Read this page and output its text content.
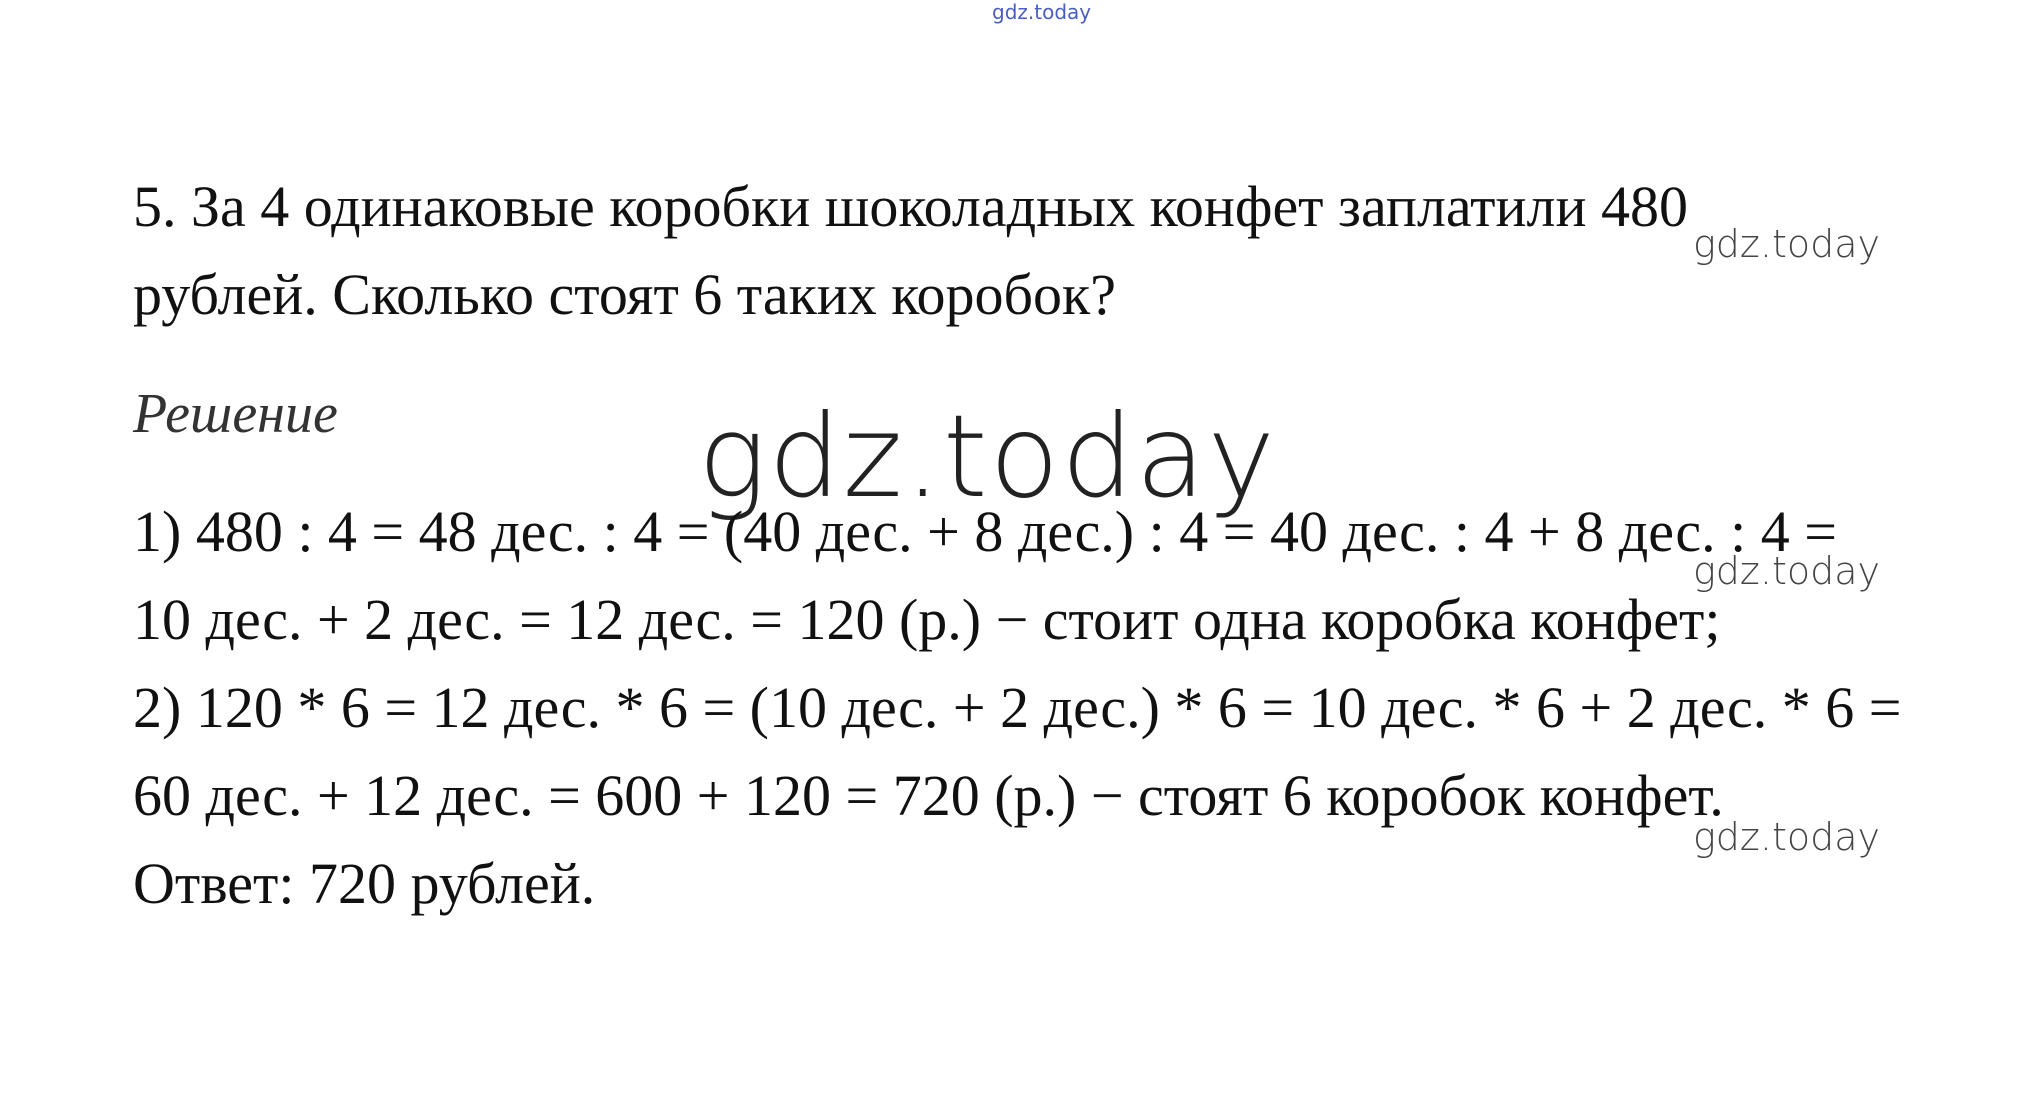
gdz.today
5. За 4 одинаковые коробки шоколадных конфет заплатили 480
gdz.today
рублей. Сколько стоят 6 таких коробок?
Решение	gdz.today
1) 480 : 4 = 48 дес. : 4 = (40 дес. + 8 дес.) : 4 = 40 дес. : 4 + 8 дес. : 4 =
gdz.today
10 дес. + 2 дес. = 12 дес. = 120 (р.) − стоит одна коробка конфет;
2) 120 * 6 = 12 дес. * 6 = (10 дес. + 2 дес.) * 6 = 10 дес. * 6 + 2 дес. * 6 =
60 дес. + 12 дес. = 600 + 120 = 720 (р.) − стоят 6 коробок конфет.
gdz.today
Ответ: 720 рублей.
